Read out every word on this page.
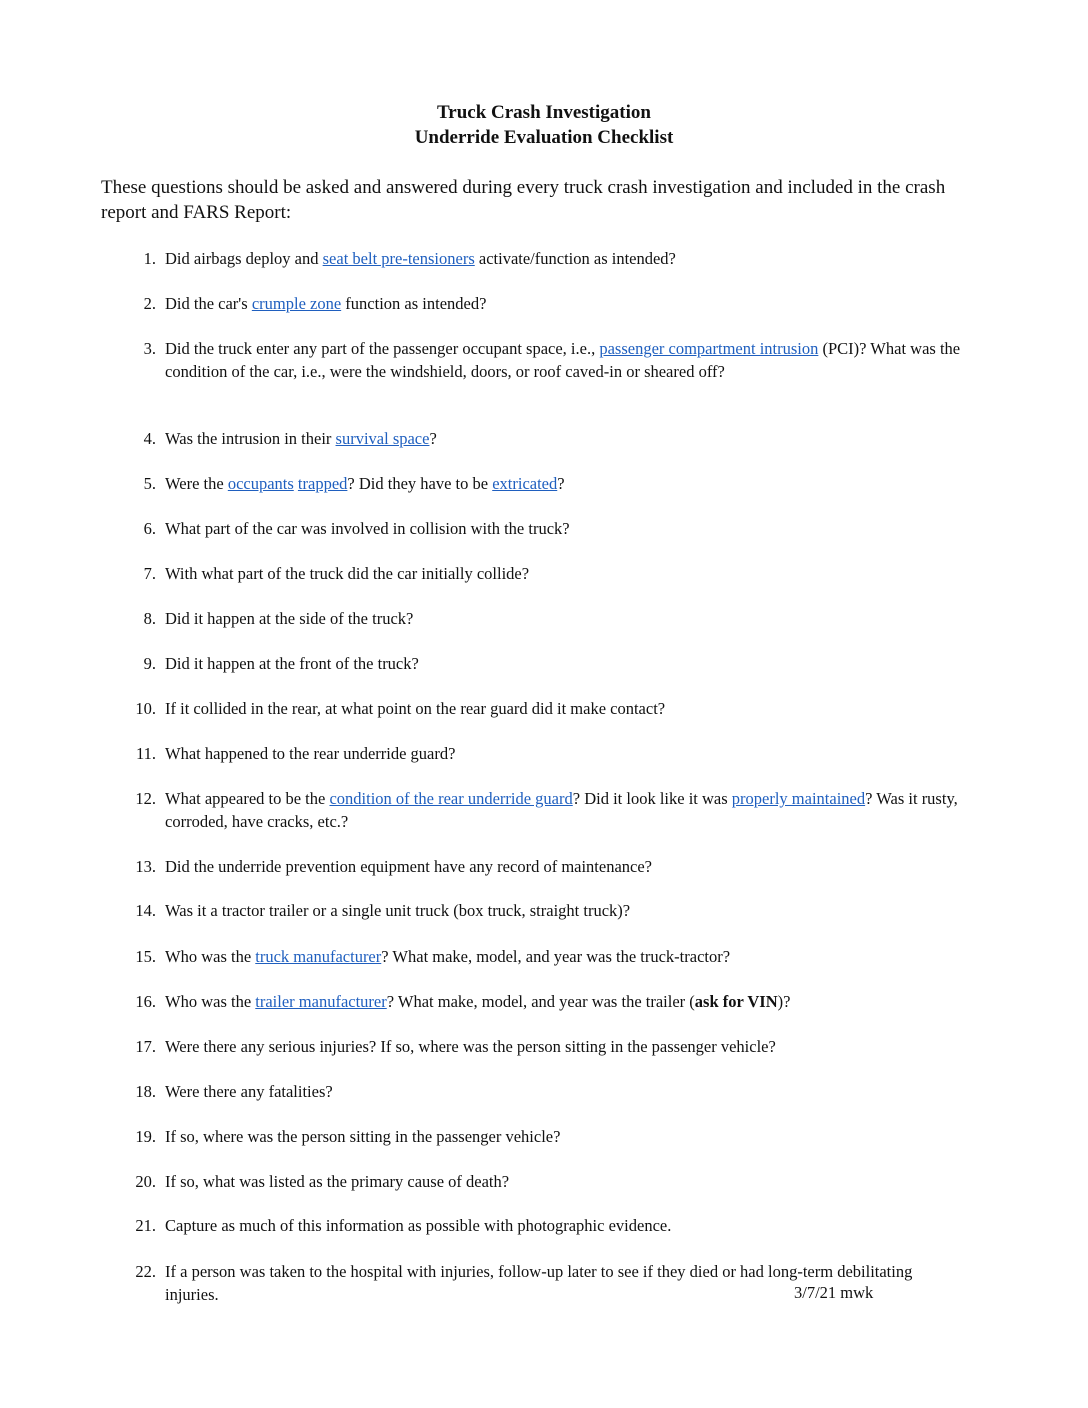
Truck Crash Investigation
Underride Evaluation Checklist
These questions should be asked and answered during every truck crash investigation and included in the crash report and FARS Report:
1. Did airbags deploy and seat belt pre-tensioners activate/function as intended?
2. Did the car's crumple zone function as intended?
3. Did the truck enter any part of the passenger occupant space, i.e., passenger compartment intrusion (PCI)? What was the condition of the car, i.e., were the windshield, doors, or roof caved-in or sheared off?
4. Was the intrusion in their survival space?
5. Were the occupants trapped? Did they have to be extricated?
6. What part of the car was involved in collision with the truck?
7. With what part of the truck did the car initially collide?
8. Did it happen at the side of the truck?
9. Did it happen at the front of the truck?
10. If it collided in the rear, at what point on the rear guard did it make contact?
11. What happened to the rear underride guard?
12. What appeared to be the condition of the rear underride guard? Did it look like it was properly maintained? Was it rusty, corroded, have cracks, etc.?
13. Did the underride prevention equipment have any record of maintenance?
14. Was it a tractor trailer or a single unit truck (box truck, straight truck)?
15. Who was the truck manufacturer? What make, model, and year was the truck-tractor?
16. Who was the trailer manufacturer? What make, model, and year was the trailer (ask for VIN)?
17. Were there any serious injuries? If so, where was the person sitting in the passenger vehicle?
18. Were there any fatalities?
19. If so, where was the person sitting in the passenger vehicle?
20. If so, what was listed as the primary cause of death?
21. Capture as much of this information as possible with photographic evidence.
22. If a person was taken to the hospital with injuries, follow-up later to see if they died or had long-term debilitating injuries.	3/7/21 mwk
